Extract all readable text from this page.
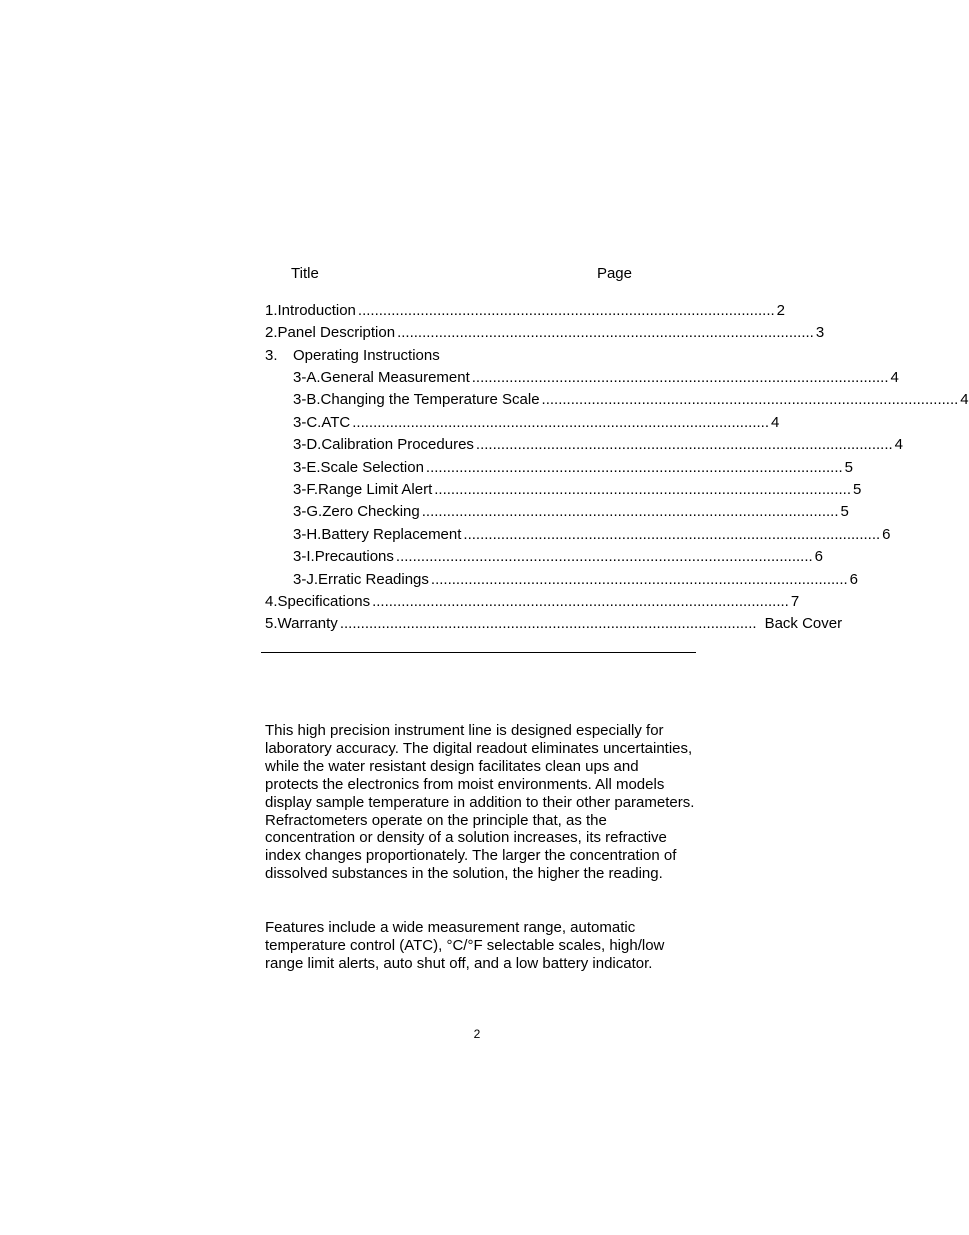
Title	Page
1. Introduction .................................................................................................... 2
2. Panel Description .................................................................................................... 3
3.	Operating Instructions
3-A. General Measurement .................................................................................................... 4
3-B. Changing the Temperature Scale .................................................................................................... 4
3-C. ATC .................................................................................................... 4
3-D. Calibration Procedures .................................................................................................... 4
3-E. Scale Selection .................................................................................................... 5
3-F. Range Limit Alert .................................................................................................... 5
3-G. Zero Checking .................................................................................................... 5
3-H. Battery Replacement .................................................................................................... 6
3-I. Precautions .................................................................................................... 6
3-J. Erratic Readings .................................................................................................... 6
4. Specifications .................................................................................................... 7
5. Warranty .................................................................................................... Back Cover

This high precision instrument line is designed especially for laboratory accuracy. The digital readout eliminates uncertainties, while the water resistant design facilitates clean ups and protects the electronics from moist environments. All models display sample temperature in addition to their other parameters. Refractometers operate on the principle that, as the concentration or density of a solution increases, its refractive index changes proportionately. The larger the concentration of dissolved substances in the solution, the higher the reading.

Features include a wide measurement range, automatic temperature control (ATC), °C/°F selectable scales, high/low range limit alerts, auto shut off, and a low battery indicator.

2
